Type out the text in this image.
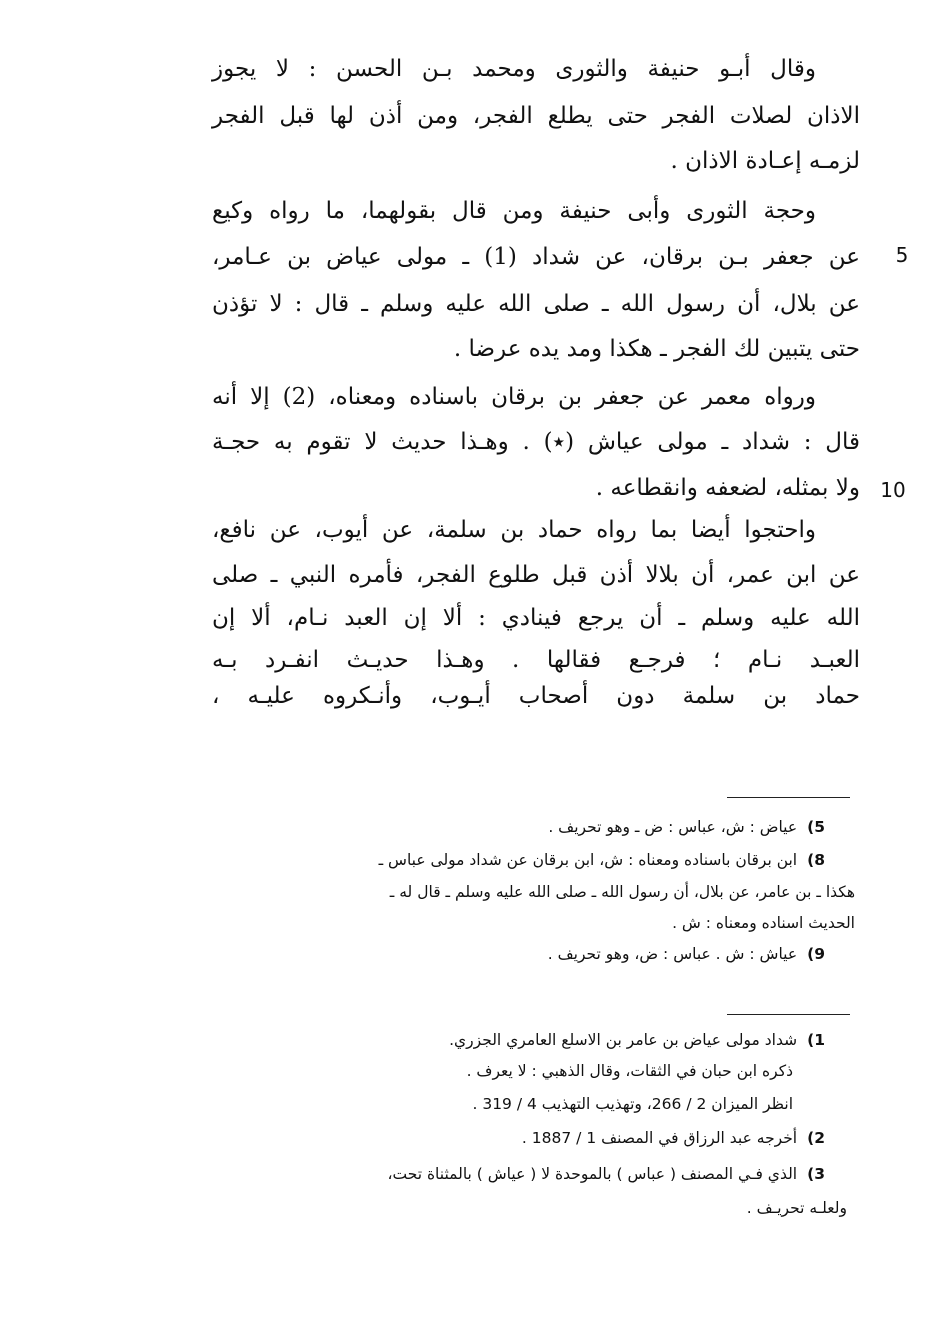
وقال أبـو حنيفة والثورى ومحمد بـن الحسن : لا يجوز
الاذان لصلات الفجر حتى يطلع الفجر، ومن أذن لها قبل الفجر
لزمـه إعـادة الاذان .
وحجة الثورى وأبى حنيفة ومن قال بقولهما، ما رواه وكيع
عن جعفر بـن برقان، عن شداد (1) ـ مولى عياض بن عـامر،
عن بلال، أن رسول الله ـ صلى الله عليه وسلم ـ قال : لا تؤذن
حتى يتبين لك الفجر ـ هكذا ومد يده عرضا .
ورواه معمر عن جعفر بن برقان باسناده ومعناه، (2) إلا أنه
قال : شداد ـ مولى عياش (٭) . وهـذا حديث لا تقوم به حجـة
ولا بمثله، لضعفه وانقطاعه .
واحتجوا أيضا بما رواه حماد بن سلمة، عن أيوب، عن نافع،
عن ابن عمر، أن بلالا أذن قبل طلوع الفجر، فأمره النبي ـ صلى
الله عليه وسلم ـ أن يرجع فينادي : ألا إن العبد نـام، ألا إن
العبـد نـام ؛ فرجـع فقالها . وهـذا حديـث انفـرد بـه
حماد بن سلمة دون أصحاب أيـوب، وأنـكروه عليـه ،
5
10
5)عياض : ش، عباس : ض ـ وهو تحريف .
8)ابن برقان باسناده ومعناه : ش، ابن برقان عن شداد مولى عباس ـ
هكذا ـ بن عامر، عن بلال، أن رسول الله ـ صلى الله عليه وسلم ـ قال له ـ
الحديث اسناده ومعناه : ش .
9)عياش : ش . عباس : ض، وهو تحريف .
1)شداد مولى عياض بن عامر بن الاسلع العامري الجزري.
ذكره ابن حبان في الثقات، وقال الذهبي : لا يعرف .
انظر الميزان 2 / 266، وتهذيب التهذيب 4 / 319 .
2)أخرجه عبد الرزاق في المصنف 1 / 1887 .
3)الذي فـي المصنف ( عباس ) بالموحدة لا ( عياش ) بالمثناة تحت،
ولعلـه تحريـف .
